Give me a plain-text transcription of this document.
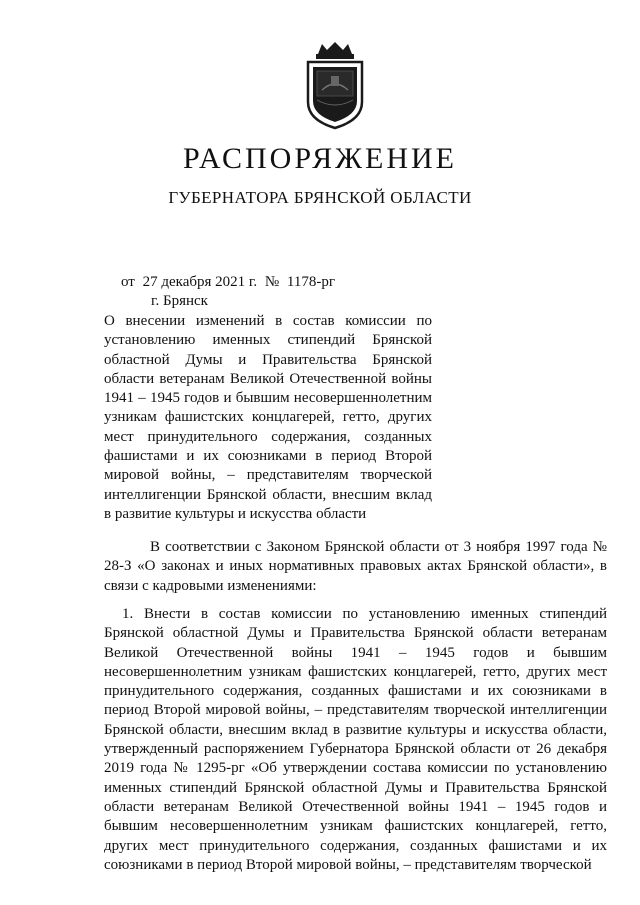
РАСПОРЯЖЕНИЕ
ГУБЕРНАТОРА БРЯНСКОЙ ОБЛАСТИ
от 27 декабря 2021 г. № 1178-рг
г. Брянск
О внесении изменений в состав комиссии по установлению именных стипендий Брянской областной Думы и Правительства Брянской области ветеранам Великой Отечественной войны 1941 – 1945 годов и бывшим несовершеннолетним узникам фашистских концлагерей, гетто, других мест принудительного содержания, созданных фашистами и их союзниками в период Второй мировой войны, – представителям творческой интеллигенции Брянской области, внесшим вклад в развитие культуры и искусства области
В соответствии с Законом Брянской области от 3 ноября 1997 года № 28-З «О законах и иных нормативных правовых актах Брянской области», в связи с кадровыми изменениями:
1. Внести в состав комиссии по установлению именных стипендий Брянской областной Думы и Правительства Брянской области ветеранам Великой Отечественной войны 1941 – 1945 годов и бывшим несовершеннолетним узникам фашистских концлагерей, гетто, других мест принудительного содержания, созданных фашистами и их союзниками в период Второй мировой войны, – представителям творческой интеллигенции Брянской области, внесшим вклад в развитие культуры и искусства области, утвержденный распоряжением Губернатора Брянской области от 26 декабря 2019 года № 1295-рг «Об утверждении состава комиссии по установлению именных стипендий Брянской областной Думы и Правительства Брянской области ветеранам Великой Отечественной войны 1941 – 1945 годов и бывшим несовершеннолетним узникам фашистских концлагерей, гетто, других мест принудительного содержания, созданных фашистами и их союзниками в период Второй мировой войны, – представителям творческой
